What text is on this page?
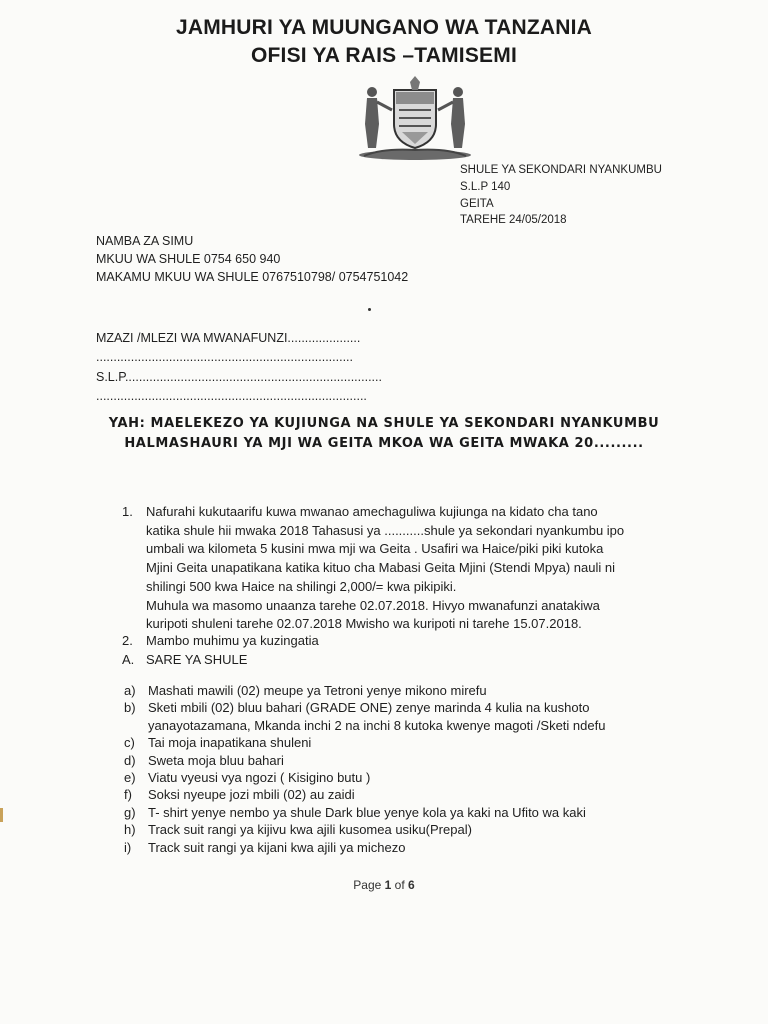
JAMHURI YA MUUNGANO WA TANZANIA
OFISI YA RAIS –TAMISEMI
SHULE YA SEKONDARI NYANKUMBU
S.L.P 140
GEITA
TAREHE 24/05/2018
NAMBA ZA SIMU
MKUU WA SHULE 0754 650 940
MAKAMU MKUU WA SHULE 0767510798/ 0754751042
MZAZI /MLEZI WA MWANAFUNZI.....................
..........................................................................
S.L.P..........................................................................
..............................................................................
YAH: MAELEKEZO YA KUJIUNGA NA SHULE YA SEKONDARI NYANKUMBU
HALMASHAURI YA MJI WA GEITA MKOA WA GEITA MWAKA 20.........
1. Nafurahi kukutaarifu kuwa mwanao amechaguliwa kujiunga na kidato cha tano
katika shule hii mwaka 2018 Tahasusi ya ...........shule ya sekondari nyankumbu ipo
umbali wa kilometa 5 kusini mwa mji wa Geita . Usafiri wa Haice/piki piki kutoka
Mjini Geita unapatikana katika kituo cha Mabasi Geita Mjini (Stendi Mpya) nauli ni
shilingi 500 kwa Haice na shilingi 2,000/= kwa pikipiki.
Muhula wa masomo unaanza tarehe 02.07.2018. Hivyo mwanafunzi anatakiwa
kuripoti shuleni tarehe 02.07.2018 Mwisho wa kuripoti ni tarehe 15.07.2018.
2. Mambo muhimu ya kuzingatia
A. SARE YA SHULE
a) Mashati mawili (02) meupe ya Tetroni yenye mikono mirefu
b) Sketi mbili (02) bluu bahari (GRADE ONE) zenye marinda 4 kulia na kushoto
yanayotazamana, Mkanda inchi 2 na inchi 8 kutoka kwenye magoti /Sketi ndefu
c) Tai moja inapatikana shuleni
d) Sweta moja bluu bahari
e) Viatu vyeusi vya ngozi ( Kisigino butu )
f) Soksi nyeupe jozi mbili (02) au zaidi
g) T- shirt yenye nembo ya shule Dark blue yenye kola ya kaki na Ufito wa kaki
h) Track suit rangi ya kijivu kwa ajili kusomea usiku(Prepal)
i) Track suit rangi ya kijani kwa ajili ya michezo
Page 1 of 6
